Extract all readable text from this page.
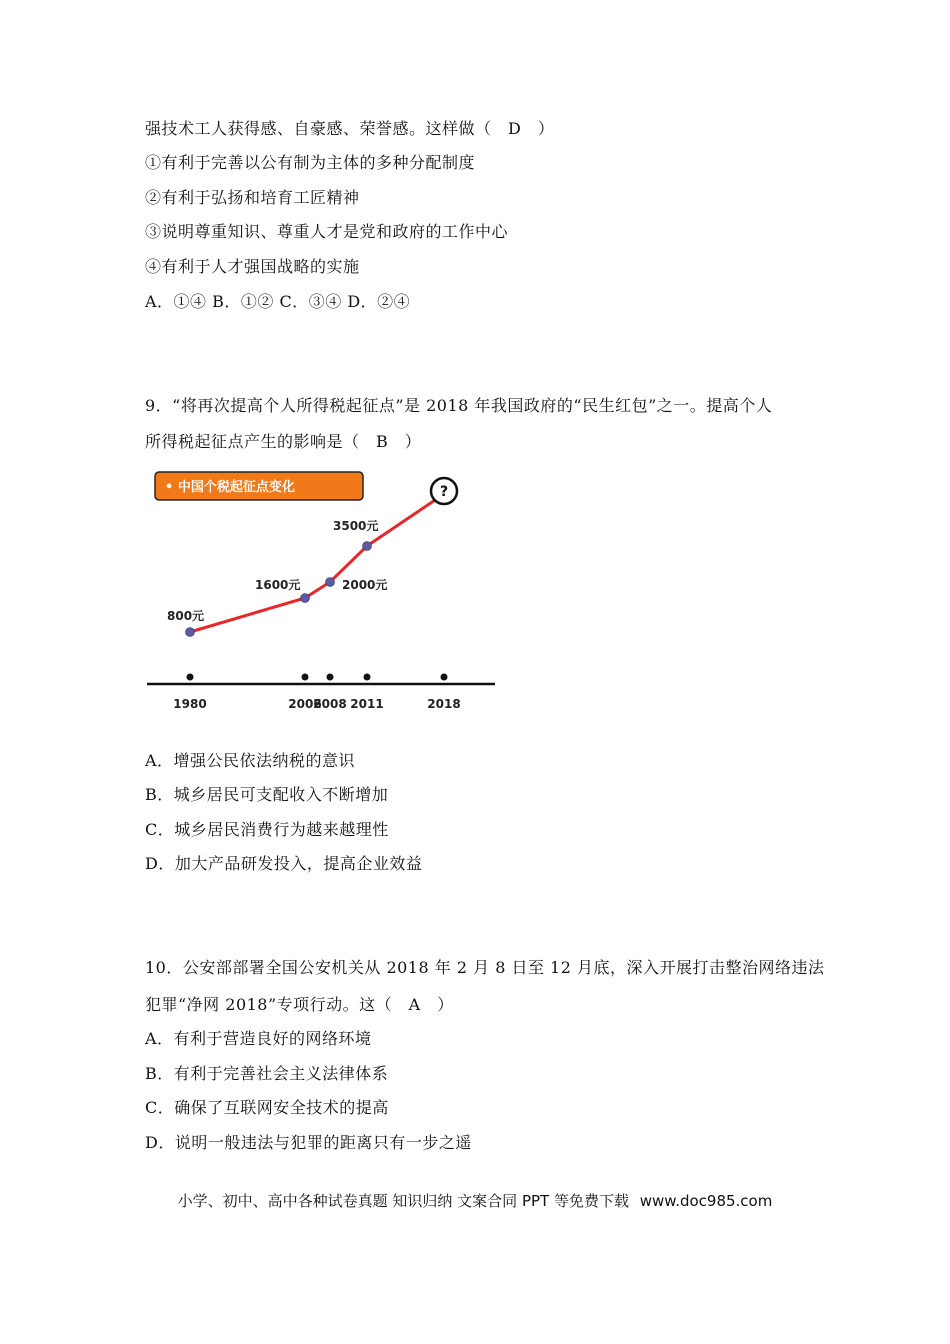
强技术工人获得感、自豪感、荣誉感。这样做（　D　）
①有利于完善以公有制为主体的多种分配制度
②有利于弘扬和培育工匠精神
③说明尊重知识、尊重人才是党和政府的工作中心
④有利于人才强国战略的实施
A．①④ B．①② C．③④ D．②④
9．“将再次提高个人所得税起征点”是 2018 年我国政府的“民生红包”之一。提高个人
所得税起征点产生的影响是（　B　）
• 中国个税起征点变化
1980
800元
2006
1600元
2008
2000元
2011
3500元
2018
?
A．增强公民依法纳税的意识
B．城乡居民可支配收入不断增加
C．城乡居民消费行为越来越理性
D．加大产品研发投入，提高企业效益
10．公安部部署全国公安机关从 2018 年 2 月 8 日至 12 月底，深入开展打击整治网络违法
犯罪“净网 2018”专项行动。这（　A　）
A．有利于营造良好的网络环境
B．有利于完善社会主义法律体系
C．确保了互联网安全技术的提高
D．说明一般违法与犯罪的距离只有一步之遥
小学、初中、高中各种试卷真题 知识归纳 文案合同 PPT 等免费下载 www.doc985.com
